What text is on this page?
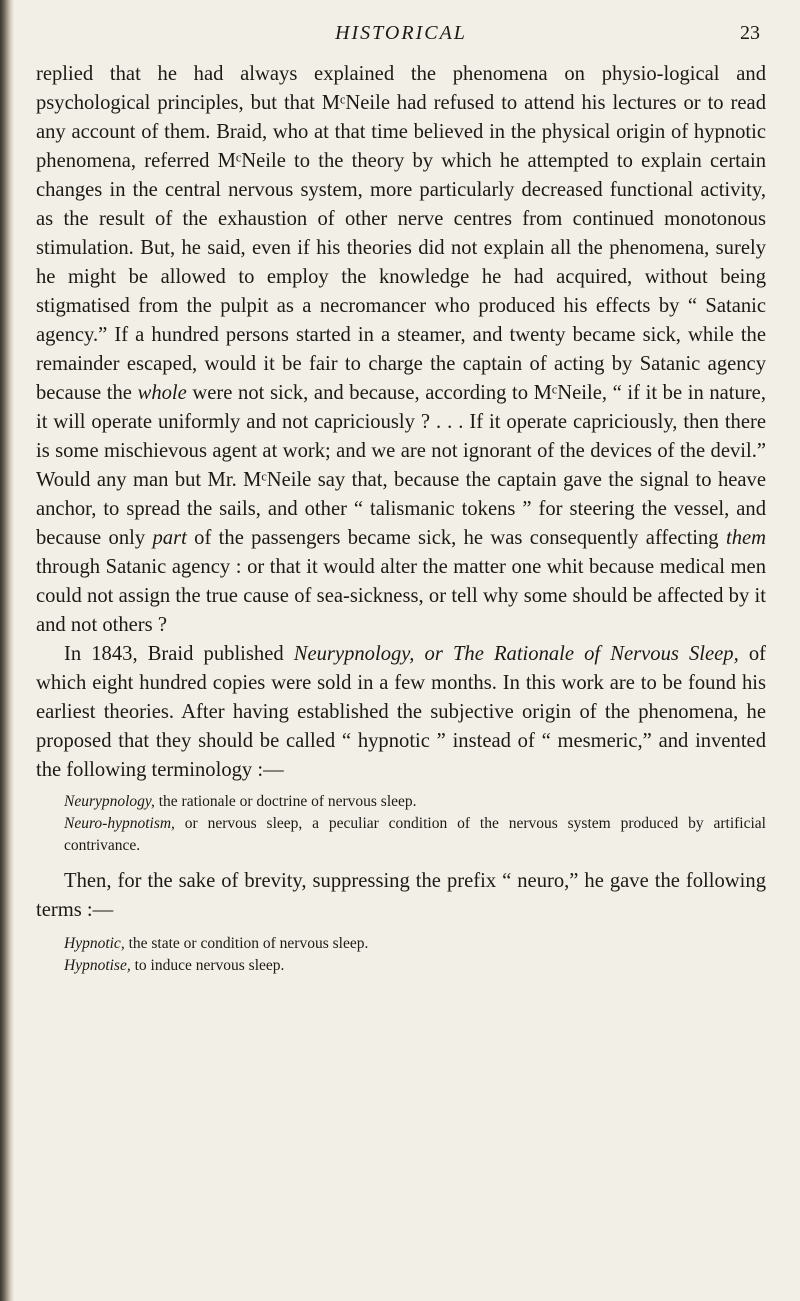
HISTORICAL	23

replied that he had always explained the phenomena on physio-logical and psychological principles, but that MᶜNeile had refused to attend his lectures or to read any account of them. Braid, who at that time believed in the physical origin of hypnotic phenomena, referred MᶜNeile to the theory by which he attempted to explain certain changes in the central nervous system, more particularly decreased functional activity, as the result of the exhaustion of other nerve centres from continued monotonous stimulation. But, he said, even if his theories did not explain all the phenomena, surely he might be allowed to employ the knowledge he had acquired, without being stigmatised from the pulpit as a necromancer who produced his effects by “ Satanic agency.” If a hundred persons started in a steamer, and twenty became sick, while the remainder escaped, would it be fair to charge the captain of acting by Satanic agency because the whole were not sick, and because, according to MᶜNeile, “ if it be in nature, it will operate uniformly and not capriciously ? . . . If it operate capriciously, then there is some mischievous agent at work; and we are not ignorant of the devices of the devil.” Would any man but Mr. MᶜNeile say that, because the captain gave the signal to heave anchor, to spread the sails, and other “ talismanic tokens ” for steering the vessel, and because only part of the passengers became sick, he was consequently affecting them through Satanic agency : or that it would alter the matter one whit because medical men could not assign the true cause of sea-sickness, or tell why some should be affected by it and not others ?

In 1843, Braid published Neurypnology, or The Rationale of Nervous Sleep, of which eight hundred copies were sold in a few months. In this work are to be found his earliest theories. After having established the subjective origin of the phenomena, he proposed that they should be called “ hypnotic ” instead of “ mesmeric,” and invented the following terminology :—

Neurypnology, the rationale or doctrine of nervous sleep.

Neuro-hypnotism, or nervous sleep, a peculiar condition of the nervous system produced by artificial contrivance.

Then, for the sake of brevity, suppressing the prefix “ neuro,” he gave the following terms :—

Hypnotic, the state or condition of nervous sleep.

Hypnotise, to induce nervous sleep.
